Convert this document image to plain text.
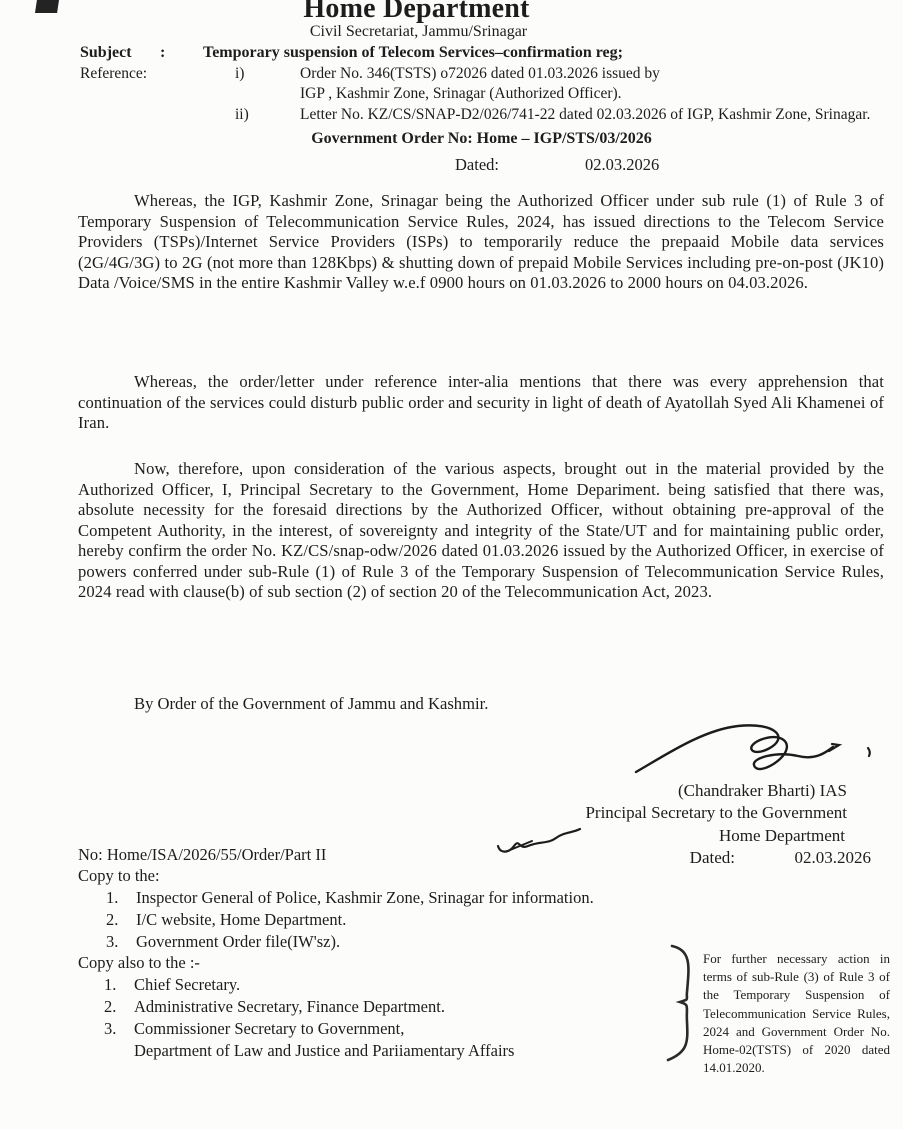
Home Department
Civil Secretariat, Jammu/Srinagar
Subject : Temporary suspension of Telecom Services–confirmation reg;
Reference:	i)	Order No. 346(TSTS) o72026 dated 01.03.2026 issued by
IGP , Kashmir Zone, Srinagar (Authorized Officer).
ii)	Letter No. KZ/CS/SNAP-D2/026/741-22 dated 02.03.2026 of IGP, Kashmir Zone, Srinagar.
Government Order No: Home – IGP/STS/03/2026
Dated:	02.03.2026
Whereas, the IGP, Kashmir Zone, Srinagar being the Authorized Officer under sub rule (1) of Rule 3 of Temporary Suspension of Telecommunication Service Rules, 2024, has issued directions to the Telecom Service Providers (TSPs)/Internet Service Providers (ISPs) to temporarily reduce the prepaaid Mobile data services (2G/4G/3G) to 2G (not more than 128Kbps) & shutting down of prepaid Mobile Services including pre-on-post (JK10) Data /Voice/SMS in the entire Kashmir Valley w.e.f 0900 hours on 01.03.2026 to 2000 hours on 04.03.2026.
Whereas, the order/letter under reference inter-alia mentions that there was every apprehension that continuation of the services could disturb public order and security in light of death of Ayatollah Syed Ali Khamenei of Iran.
Now, therefore, upon consideration of the various aspects, brought out in the material provided by the Authorized Officer, I, Principal Secretary to the Government, Home Depariment. being satisfied that there was, absolute necessity for the foresaid directions by the Authorized Officer, without obtaining pre-approval of the Competent Authority, in the interest, of sovereignty and integrity of the State/UT and for maintaining public order, hereby confirm the order No. KZ/CS/snap-odw/2026 dated 01.03.2026 issued by the Authorized Officer, in exercise of powers conferred under sub-Rule (1) of Rule 3 of the Temporary Suspension of Telecommunication Service Rules, 2024 read with clause(b) of sub section (2) of section 20 of the Telecommunication Act, 2023.
By Order of the Government of Jammu and Kashmir.
(Chandraker Bharti) IAS
Principal Secretary to the Government
Home Department
Dated:	02.03.2026
No: Home/ISA/2026/55/Order/Part II
Copy to the:
1. Inspector General of Police, Kashmir Zone, Srinagar for information.
2. I/C website, Home Department.
3. Government Order file(IW'sz).
Copy also to the :-
1. Chief Secretary.
2. Administrative Secretary, Finance Department.
3. Commissioner Secretary to Government,
Department of Law and Justice and Pariiamentary Affairs
For further necessary action in terms of sub-Rule (3) of Rule 3 of the Temporary Suspension of Telecommunication Service Rules, 2024 and Government Order No. Home-02(TSTS) of 2020 dated 14.01.2020.
